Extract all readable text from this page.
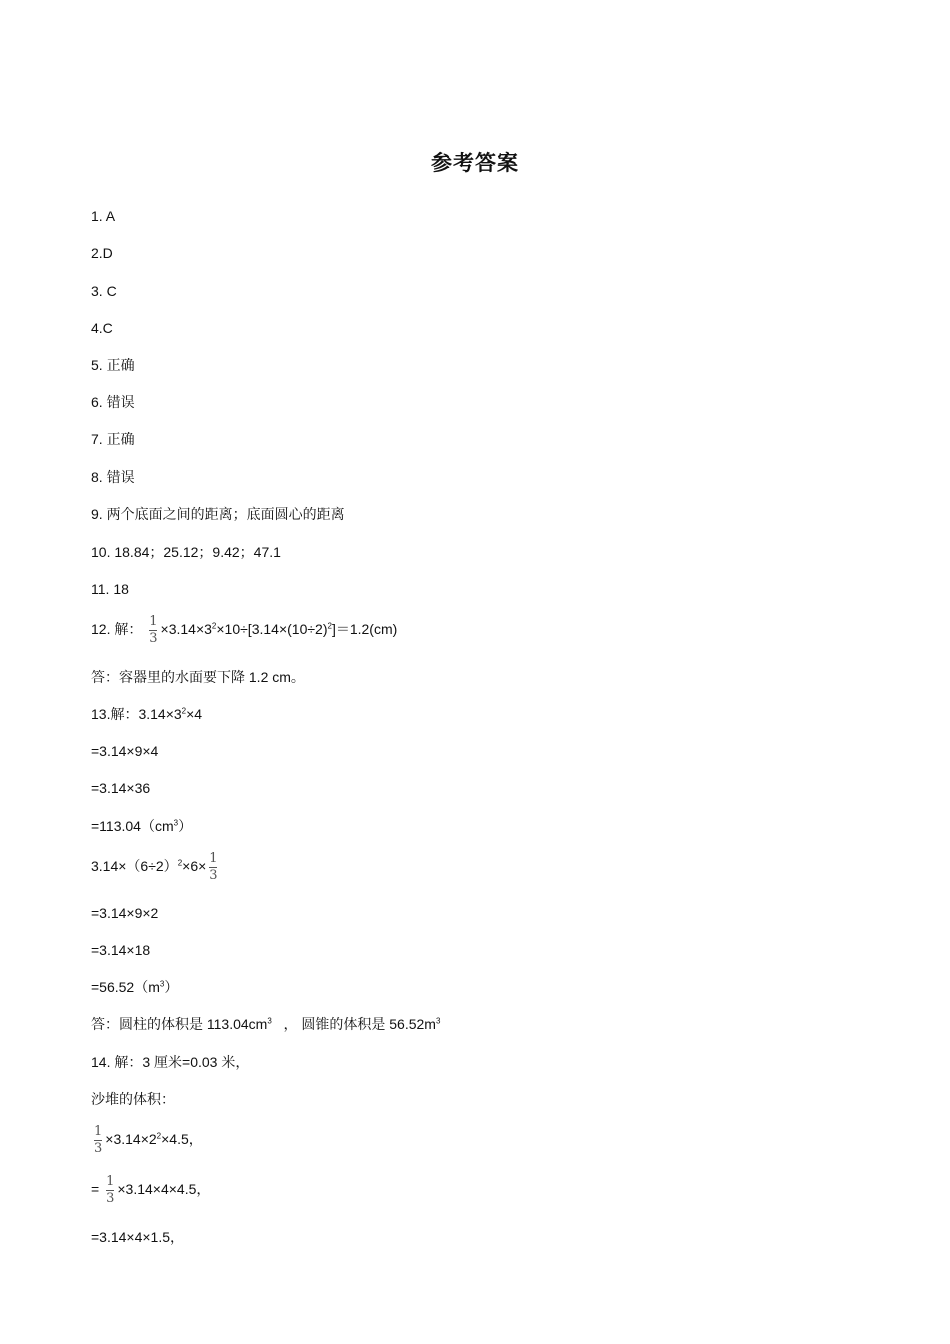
参考答案
1. A
2.D
3. C
4.C
5. 正确
6. 错误
7. 正确
8. 错误
9. 两个底面之间的距离；底面圆心的距离
10. 18.84；25.12；9.42；47.1
11. 18
12. 解： $\frac{1}{3} \times 3.14\times 3^2\times 10\div[3.14\times(10\div 2)^2]=1.2(cm)$
答：容器里的水面要下降 1.2 cm。
13.解：$3.14\times 3^2\times 4$
=3.14×9×4
=3.14×36
$=113.04(cm^3)$
$3.14\times(6\div 2)^2\times 6\times \frac{1}{3}$
=3.14×9×2
=3.14×18
$=56.52(m^3)$
答：圆柱的体积是 $113.04cm^3$ ， 圆锥的体积是 $56.52m^3$
14. 解：3 厘米=0.03 米，
沙堆的体积：
$\frac{1}{3} \times 3.14\times 2^2\times 4.5$，
= $\frac{1}{3} \times 3.14\times 4\times 4.5$，
=3.14×4×1.5，
